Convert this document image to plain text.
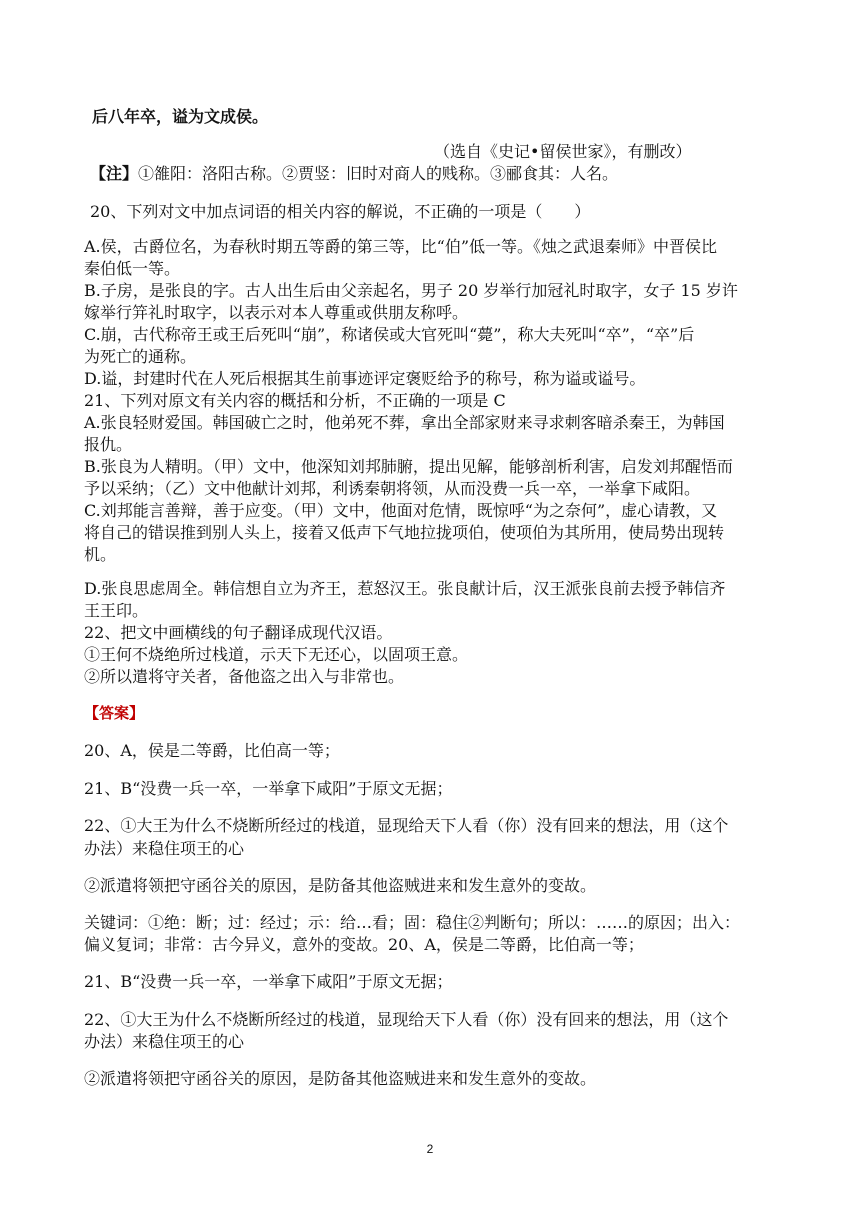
后八年卒，谥为文成侯。
（选自《史记•留侯世家》，有删改）
【注】①雒阳：洛阳古称。②贾竖：旧时对商人的贱称。③郦食其：人名。
20、下列对文中加点词语的相关内容的解说，不正确的一项是（　　）
A.侯，古爵位名，为春秋时期五等爵的第三等，比“伯”低一等。《烛之武退秦师》中晋侯比
秦伯低一等。
B.子房，是张良的字。古人出生后由父亲起名，男子 20 岁举行加冠礼时取字，女子 15 岁许
嫁举行笄礼时取字，以表示对本人尊重或供朋友称呼。
C.崩，古代称帝王或王后死叫“崩”，称诸侯或大官死叫“薨”，称大夫死叫“卒”，“卒”后
为死亡的通称。
D.谥，封建时代在人死后根据其生前事迹评定褒贬给予的称号，称为谥或谥号。
21、下列对原文有关内容的概括和分析，不正确的一项是 C
A.张良轻财爱国。韩国破亡之时，他弟死不葬，拿出全部家财来寻求刺客暗杀秦王，为韩国
报仇。
B.张良为人精明。（甲）文中，他深知刘邦肺腑，提出见解，能够剖析利害，启发刘邦醒悟而
予以采纳；（乙）文中他献计刘邦，利诱秦朝将领，从而没费一兵一卒，一举拿下咸阳。
C.刘邦能言善辩，善于应变。（甲）文中，他面对危情，既惊呼“为之奈何”，虚心请教，又
将自己的错误推到别人头上，接着又低声下气地拉拢项伯，使项伯为其所用，使局势出现转
机。
D.张良思虑周全。韩信想自立为齐王，惹怒汉王。张良献计后，汉王派张良前去授予韩信齐
王王印。
22、把文中画横线的句子翻译成现代汉语。
①王何不烧绝所过栈道，示天下无还心，以固项王意。
②所以遣将守关者，备他盗之出入与非常也。
【答案】
20、A，侯是二等爵，比伯高一等；
21、B“没费一兵一卒，一举拿下咸阳”于原文无据；
22、①大王为什么不烧断所经过的栈道，显现给天下人看（你）没有回来的想法，用（这个
办法）来稳住项王的心
②派遣将领把守函谷关的原因，是防备其他盗贼进来和发生意外的变故。
关键词：①绝：断；过：经过；示：给…看；固：稳住②判断句；所以：……的原因；出入：
偏义复词；非常：古今异义，意外的变故。20、A，侯是二等爵，比伯高一等；
21、B“没费一兵一卒，一举拿下咸阳”于原文无据；
22、①大王为什么不烧断所经过的栈道，显现给天下人看（你）没有回来的想法，用（这个
办法）来稳住项王的心
②派遣将领把守函谷关的原因，是防备其他盗贼进来和发生意外的变故。
2
